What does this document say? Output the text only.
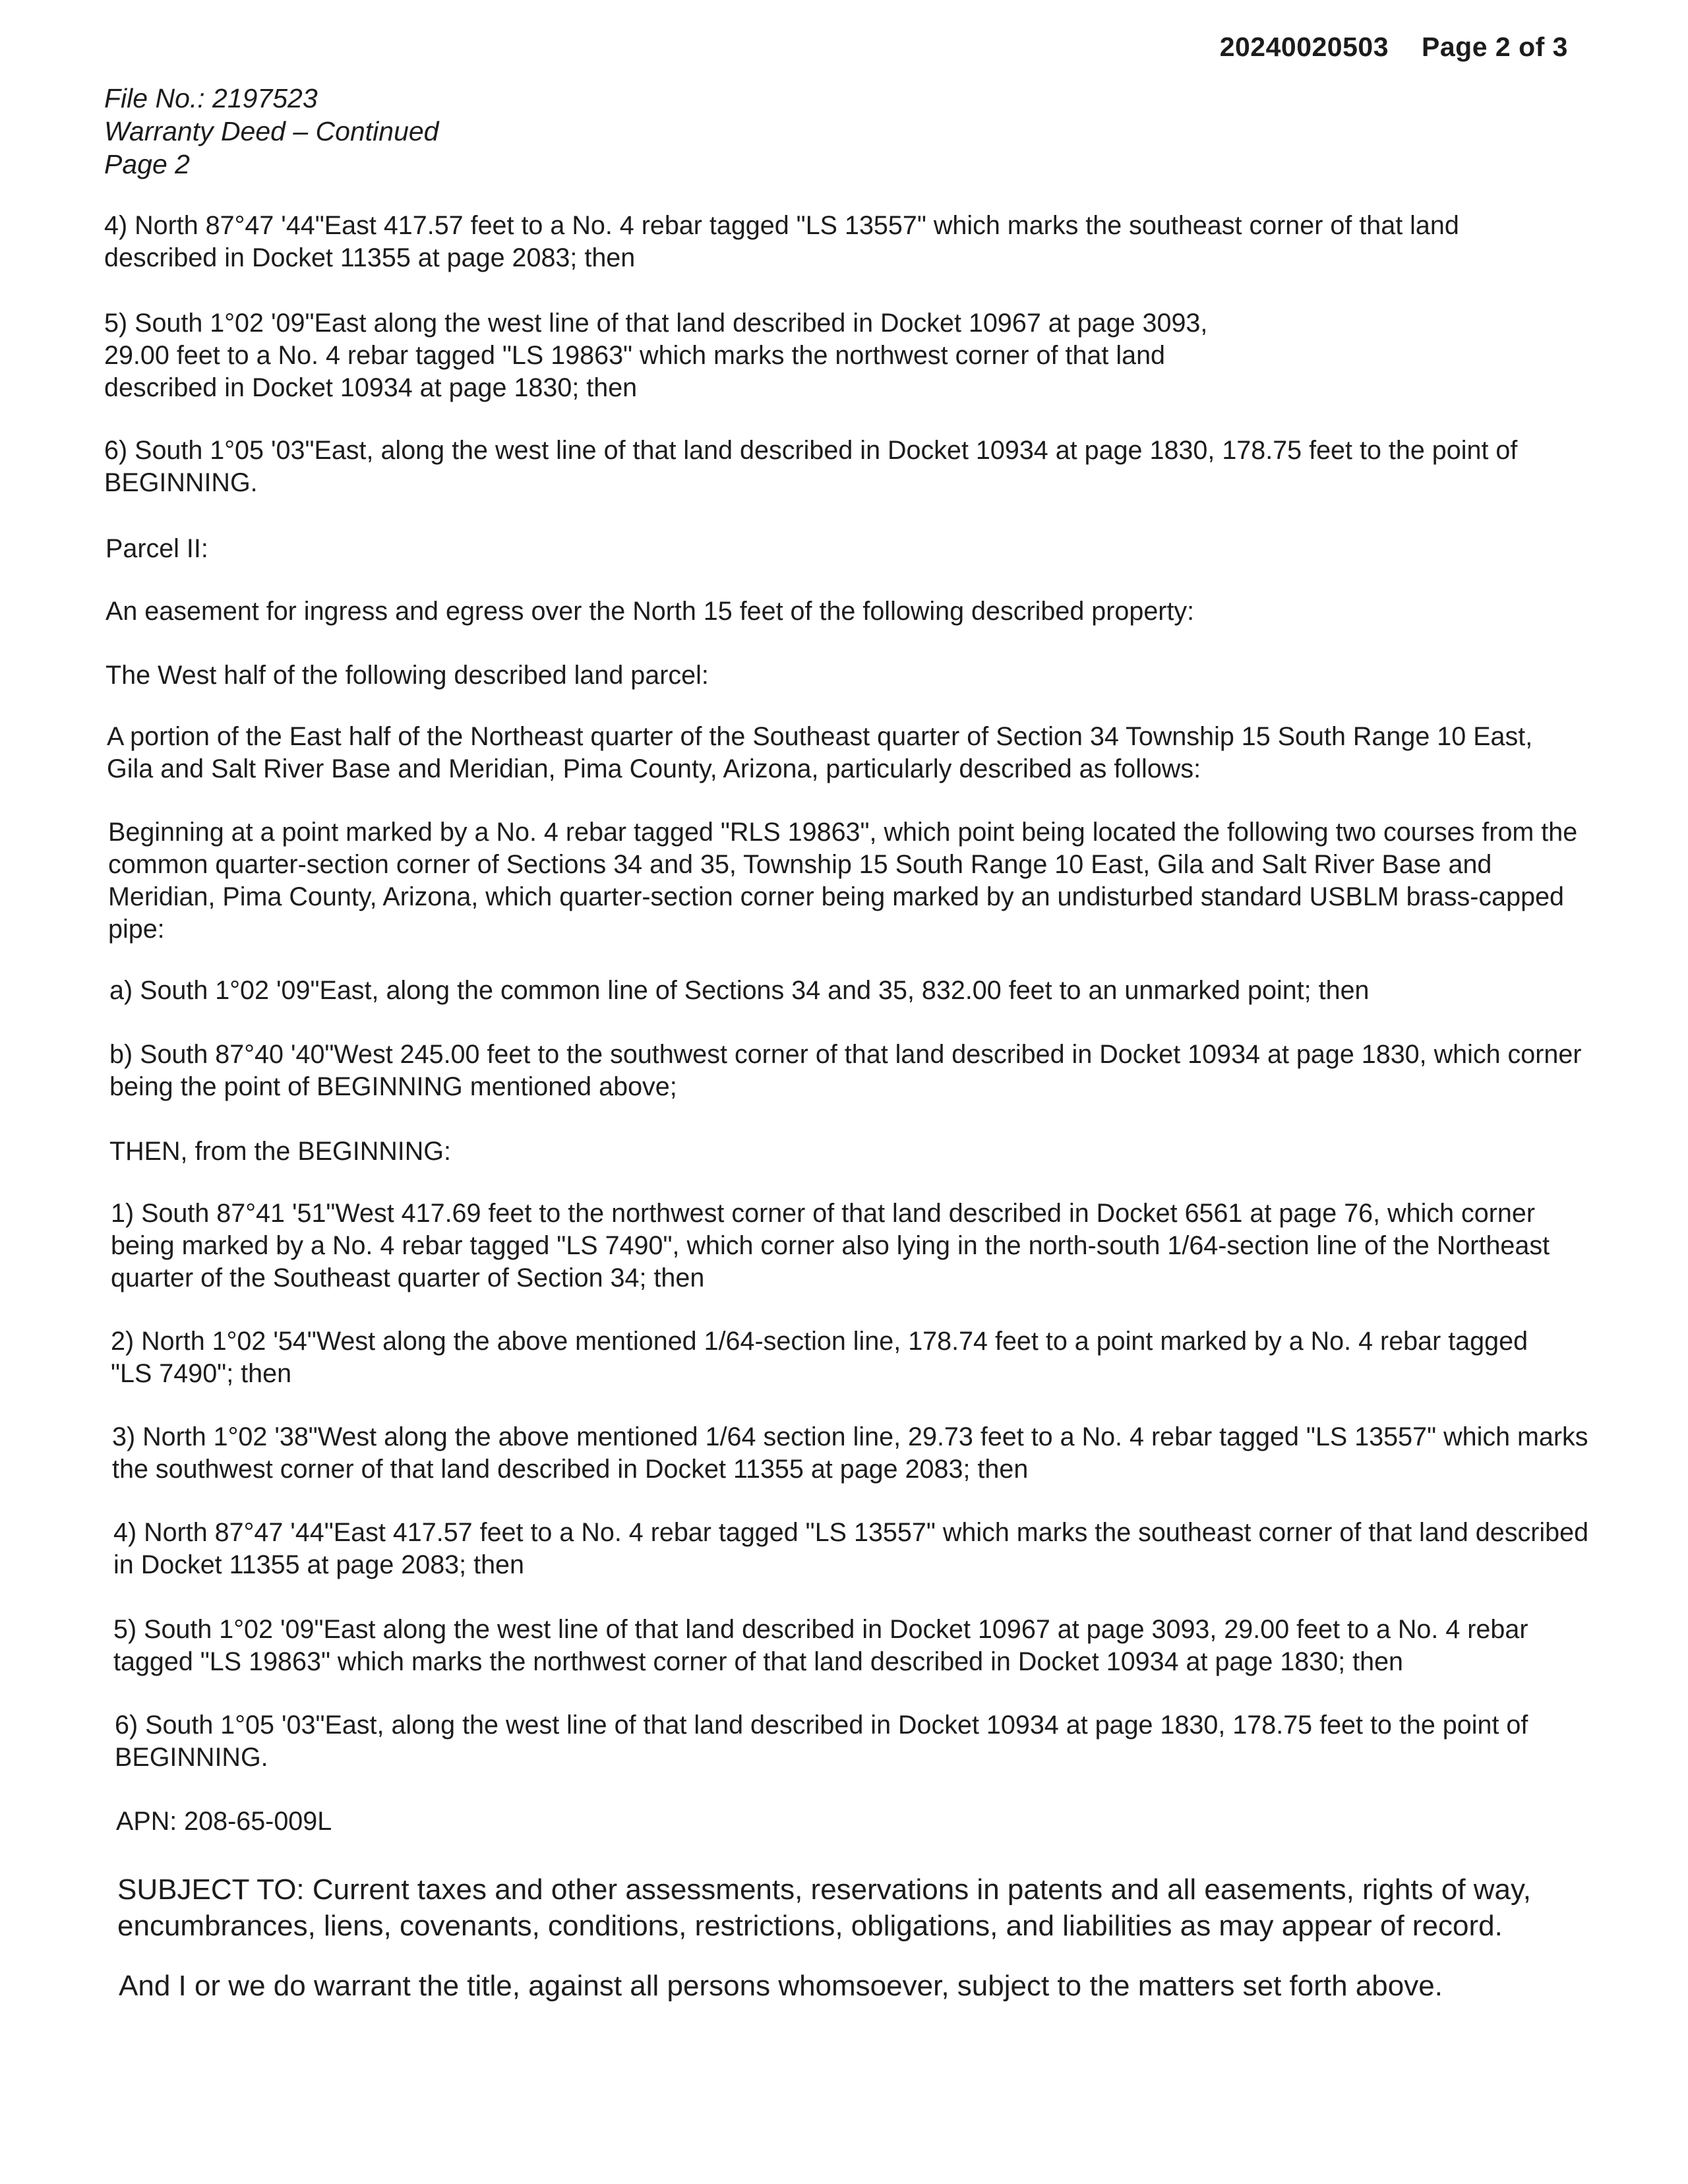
20240020503 Page 2 of 3
File No.: 2197523
Warranty Deed – Continued
Page 2

4) North 87°47 '44"East 417.57 feet to a No. 4 rebar tagged "LS 13557" which marks the southeast corner of that land described in Docket 11355 at page 2083; then

5) South 1°02 '09"East along the west line of that land described in Docket 10967 at page 3093, 29.00 feet to a No. 4 rebar tagged "LS 19863" which marks the northwest corner of that land described in Docket 10934 at page 1830; then

6) South 1°05 '03"East, along the west line of that land described in Docket 10934 at page 1830, 178.75 feet to the point of BEGINNING.

Parcel II:

An easement for ingress and egress over the North 15 feet of the following described property:

The West half of the following described land parcel:

A portion of the East half of the Northeast quarter of the Southeast quarter of Section 34 Township 15 South Range 10 East, Gila and Salt River Base and Meridian, Pima County, Arizona, particularly described as follows:

Beginning at a point marked by a No. 4 rebar tagged "RLS 19863", which point being located the following two courses from the common quarter-section corner of Sections 34 and 35, Township 15 South Range 10 East, Gila and Salt River Base and Meridian, Pima County, Arizona, which quarter-section corner being marked by an undisturbed standard USBLM brass-capped pipe:

a) South 1°02 '09"East, along the common line of Sections 34 and 35, 832.00 feet to an unmarked point; then

b) South 87°40 '40"West 245.00 feet to the southwest corner of that land described in Docket 10934 at page 1830, which corner being the point of BEGINNING mentioned above;

THEN, from the BEGINNING:

1) South 87°41 '51"West 417.69 feet to the northwest corner of that land described in Docket 6561 at page 76, which corner being marked by a No. 4 rebar tagged "LS 7490", which corner also lying in the north-south 1/64-section line of the Northeast quarter of the Southeast quarter of Section 34; then

2) North 1°02 '54"West along the above mentioned 1/64-section line, 178.74 feet to a point marked by a No. 4 rebar tagged "LS 7490"; then

3) North 1°02 '38"West along the above mentioned 1/64 section line, 29.73 feet to a No. 4 rebar tagged "LS 13557" which marks the southwest corner of that land described in Docket 11355 at page 2083; then

4) North 87°47 '44"East 417.57 feet to a No. 4 rebar tagged "LS 13557" which marks the southeast corner of that land described in Docket 11355 at page 2083; then

5) South 1°02 '09"East along the west line of that land described in Docket 10967 at page 3093, 29.00 feet to a No. 4 rebar tagged "LS 19863" which marks the northwest corner of that land described in Docket 10934 at page 1830; then

6) South 1°05 '03"East, along the west line of that land described in Docket 10934 at page 1830, 178.75 feet to the point of BEGINNING.

APN: 208-65-009L

SUBJECT TO: Current taxes and other assessments, reservations in patents and all easements, rights of way, encumbrances, liens, covenants, conditions, restrictions, obligations, and liabilities as may appear of record.

And I or we do warrant the title, against all persons whomsoever, subject to the matters set forth above.
